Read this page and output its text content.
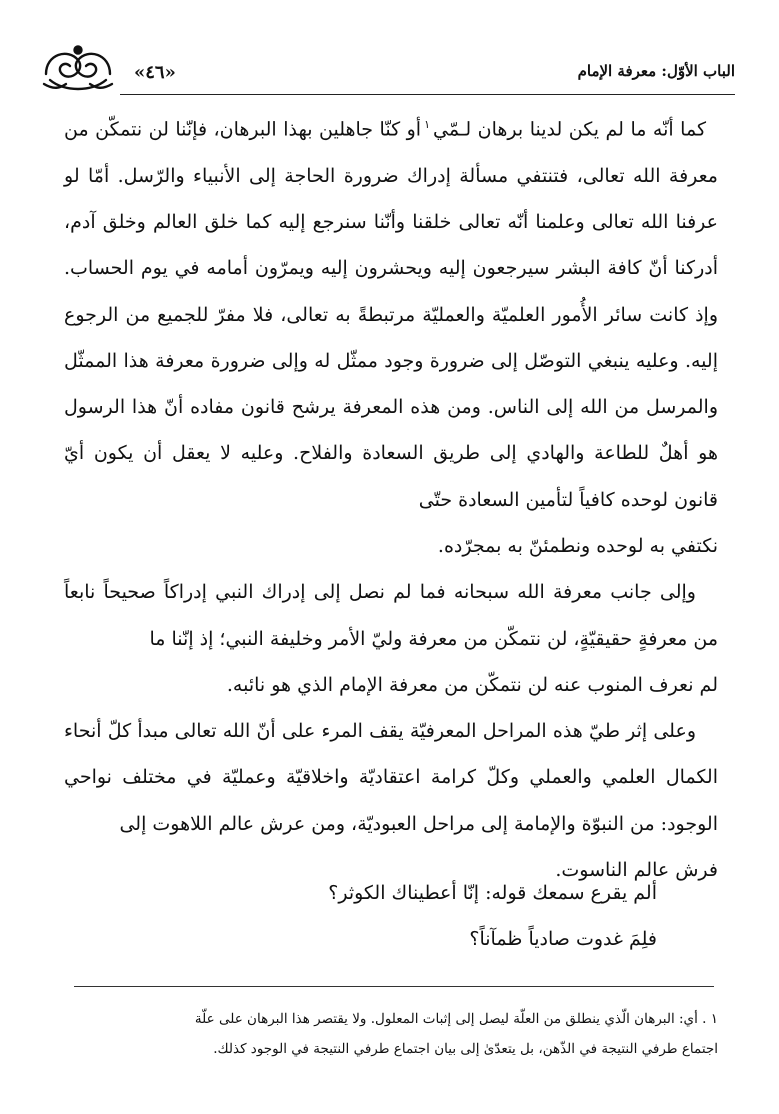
«٤٦»	الباب الأوّل: معرفة الإمام

كما أنّه ما لم يكن لدينا برهان لـمّي$^١$أو كنّا جاهلين بهذا البرهان، فإنّنا لن نتمكّن من معرفة الله تعالى، فتنتفي مسألة إدراك ضرورة الحاجة إلى الأنبياء والرّسل. أمّا لو عرفنا الله تعالى وعلمنا أنّه تعالى خلقنا وأنّنا سنرجع إليه كما خلق العالم وخلق آدم، أدركنا أنّ كافة البشر سيرجعون إليه ويحشرون إليه ويمرّون أمامه في يوم الحساب. وإذ كانت سائر الأُمور العلميّة والعمليّة مرتبطةً به تعالى، فلا مفرّ للجميع من الرجوع إليه. وعليه ينبغي التوصّل إلى ضرورة وجود ممثّل له وإلى ضرورة معرفة هذا الممثّل والمرسل من الله إلى الناس. ومن هذه المعرفة يرشح قانون مفاده أنّ هذا الرسول هو أهلٌ للطاعة والهادي إلى طريق السعادة والفلاح. وعليه لا يعقل أن يكون أيّ قانون لوحده كافياً لتأمين السعادة حتّى

نكتفي به لوحده ونطمئنّ به بمجرّده.

وإلى جانب معرفة الله سبحانه فما لم نصل إلى إدراك النبي إدراكاً صحيحاً نابعاً من معرفةٍ حقيقيّةٍ، لن نتمكّن من معرفة وليّ الأمر وخليفة النبي؛ إذ إنّنا ما

لم نعرف المنوب عنه لن نتمكّن من معرفة الإمام الذي هو نائبه.

وعلى إثر طيّ هذه المراحل المعرفيّة يقف المرء على أنّ الله تعالى مبدأ كلّ أنحاء الكمال العلمي والعملي وكلّ كرامة اعتقاديّة واخلاقيّة وعمليّة في مختلف نواحي الوجود: من النبوّة والإمامة إلى مراحل العبوديّة، ومن عرش عالم اللاهوت إلى

فرش عالم الناسوت.

ألم يقرع سمعك قوله: إنّا أعطيناك الكوثر؟
فلِمَ غدوت صادياً ظمآناً؟

١ . أي: البرهان الّذي ينطلق من العلّة ليصل إلى إثبات المعلول. ولا يقتصر هذا البرهان على علّة

اجتماع طرفي النتيجة في الذّهن، بل يتعدّىٰ إلى بيان اجتماع طرفي النتيجة في الوجود كذلك.
